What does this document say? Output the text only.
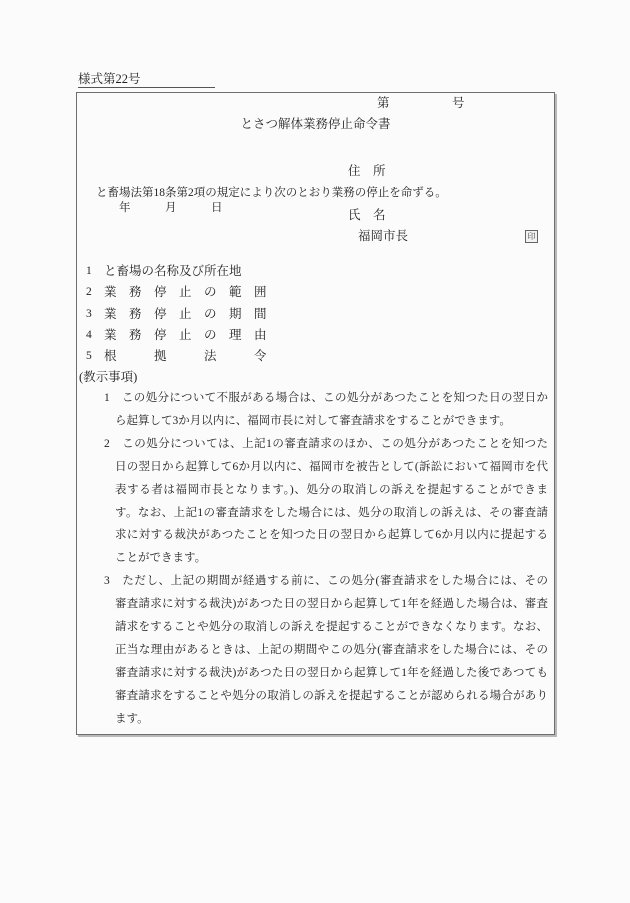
様式第22号
第　　　　　号
とさつ解体業務停止命令書

住　所

氏　名

と畜場法第18条第2項の規定により次のとおり業務の停止を命ずる。
年　　　月　　　日
福岡市長	印
1 と畜場の名称及び所在地
2 業　務　停　止　の　範　囲
3 業　務　停　止　の　期　間
4 業　務　停　止　の　理　由
5 根　　　拠　　　法　　　令
(教示事項)
1　この処分について不服がある場合は、この処分があつたことを知つた日の翌日か
ら起算して3か月以内に、福岡市長に対して審査請求をすることができます。
2　この処分については、上記1の審査請求のほか、この処分があつたことを知つた
日の翌日から起算して6か月以内に、福岡市を被告として(訴訟において福岡市を代
表する者は福岡市長となります。)、処分の取消しの訴えを提起することができま
す。なお、上記1の審査請求をした場合には、処分の取消しの訴えは、その審査請
求に対する裁決があつたことを知つた日の翌日から起算して6か月以内に提起する
ことができます。
3　ただし、上記の期間が経過する前に、この処分(審査請求をした場合には、その
審査請求に対する裁決)があつた日の翌日から起算して1年を経過した場合は、審査
請求をすることや処分の取消しの訴えを提起することができなくなります。なお、
正当な理由があるときは、上記の期間やこの処分(審査請求をした場合には、その
審査請求に対する裁決)があつた日の翌日から起算して1年を経過した後であつても
審査請求をすることや処分の取消しの訴えを提起することが認められる場合があり
ます。
